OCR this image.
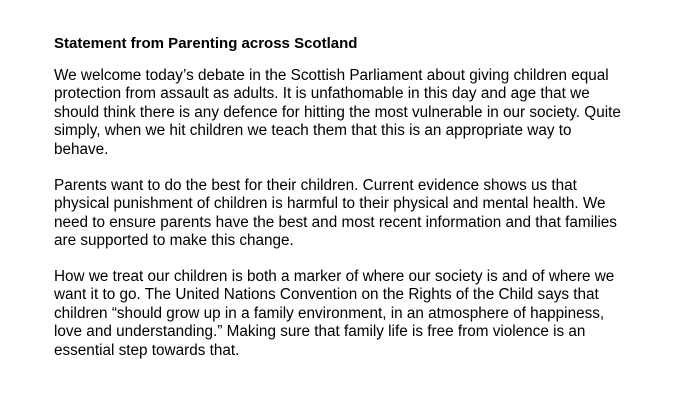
Statement from Parenting across Scotland

We welcome today’s debate in the Scottish Parliament about giving children equal
protection from assault as adults. It is unfathomable in this day and age that we
should think there is any defence for hitting the most vulnerable in our society. Quite
simply, when we hit children we teach them that this is an appropriate way to
behave.

Parents want to do the best for their children. Current evidence shows us that
physical punishment of children is harmful to their physical and mental health. We
need to ensure parents have the best and most recent information and that families
are supported to make this change.

How we treat our children is both a marker of where our society is and of where we
want it to go. The United Nations Convention on the Rights of the Child says that
children “should grow up in a family environment, in an atmosphere of happiness,
love and understanding.” Making sure that family life is free from violence is an
essential step towards that.
